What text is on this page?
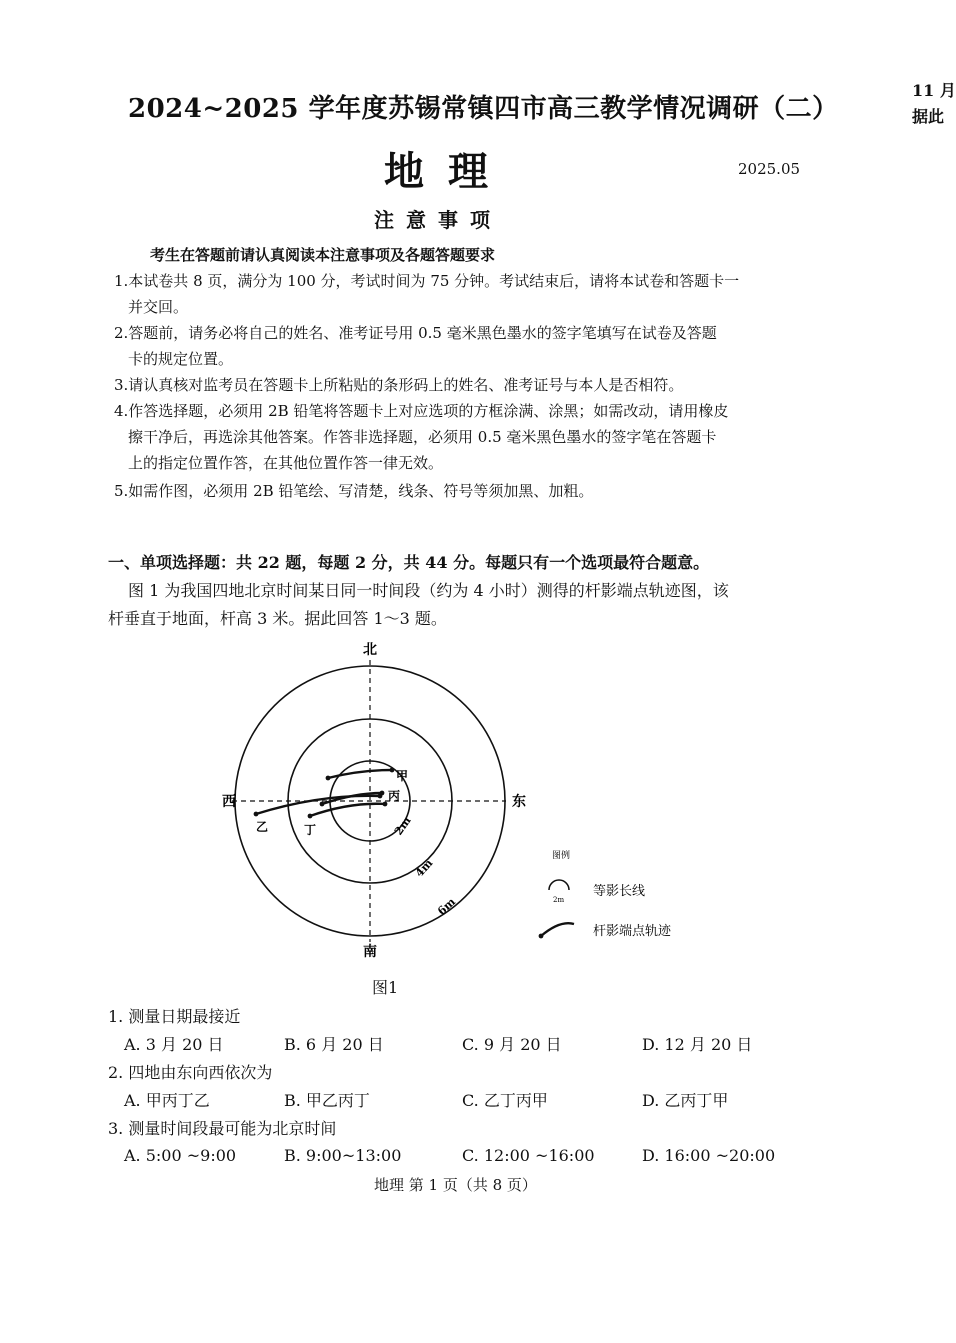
2024~2025 学年度苏锡常镇四市高三教学情况调研（二）
地理	2025.05
11 月
据此
注意事项
考生在答题前请认真阅读本注意事项及各题答题要求
1.本试卷共 8 页，满分为 100 分，考试时间为 75 分钟。考试结束后，请将本试卷和答题卡一
并交回。
2.答题前，请务必将自己的姓名、准考证号用 0.5 毫米黑色墨水的签字笔填写在试卷及答题
卡的规定位置。
3.请认真核对监考员在答题卡上所粘贴的条形码上的姓名、准考证号与本人是否相符。
4.作答选择题，必须用 2B 铅笔将答题卡上对应选项的方框涂满、涂黑；如需改动，请用橡皮
擦干净后，再选涂其他答案。作答非选择题，必须用 0.5 毫米黑色墨水的签字笔在答题卡
上的指定位置作答，在其他位置作答一律无效。
5.如需作图，必须用 2B 铅笔绘、写清楚，线条、符号等须加黑、加粗。
一、单项选择题：共 22 题，每题 2 分，共 44 分。每题只有一个选项最符合题意。
图 1 为我国四地北京时间某日同一时间段（约为 4 小时）测得的杆影端点轨迹图，该
杆垂直于地面，杆高 3 米。据此回答 1～3 题。
北
南
东
西
2m
4m
6m
甲
丙
乙	丁
图例
2m
等影长线
杆影端点轨迹
图1
1. 测量日期最接近
A. 3 月 20 日	B. 6 月 20 日	C. 9 月 20 日	D. 12 月 20 日
2. 四地由东向西依次为
A. 甲丙丁乙	B. 甲乙丙丁	C. 乙丁丙甲	D. 乙丙丁甲
3. 测量时间段最可能为北京时间
A. 5:00 ~9:00	B. 9:00~13:00	C. 12:00 ~16:00	D. 16:00 ~20:00
地理 第 1 页（共 8 页）
